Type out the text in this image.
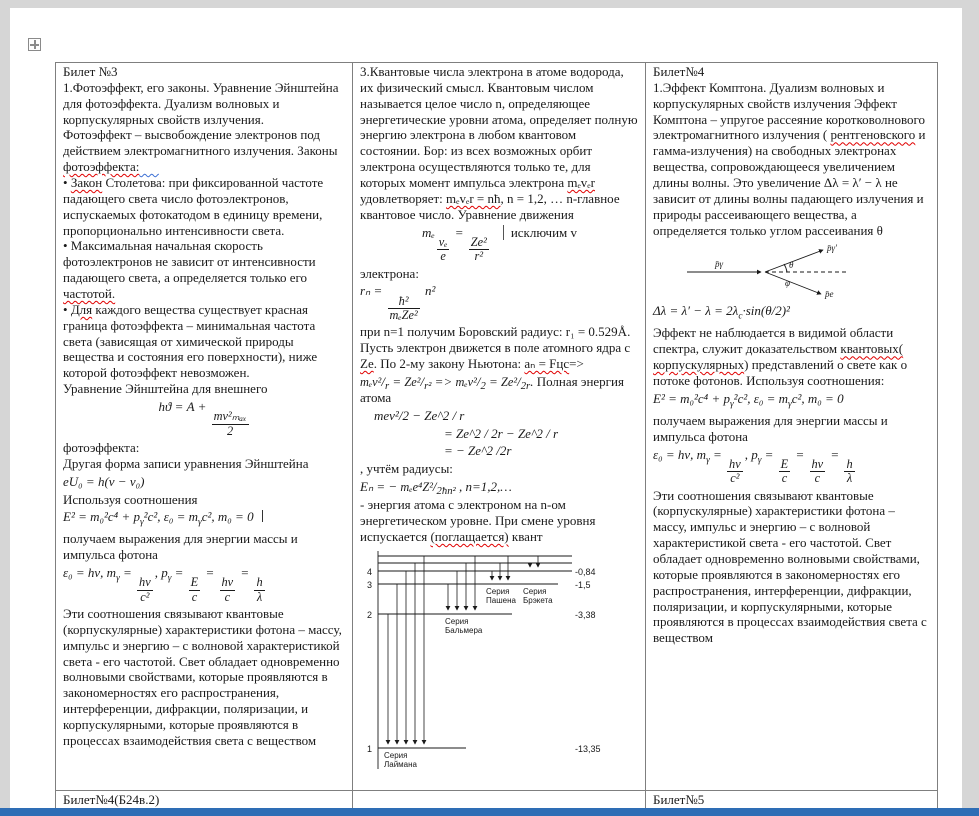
Билет №3

1.Фотоэффект, его законы. Уравнение Эйнштейна для фотоэффекта. Дуализм волновых и корпускулярных свойств излучения.

Фотоэффект – высвобождение электронов под действием электромагнитного излучения. Законы фотоэффекта:

• Закон Столетова: при фиксированной частоте падающего света число фотоэлектронов, испускаемых фотокатодом в единицу времени, пропорционально интенсивности света.

• Максимальная начальная скорость фотоэлектронов не зависит от интенсивности падающего света, а определяется только его частотой.

• Для каждого вещества существует красная граница фотоэффекта – минимальная частота света (зависящая от химической природы вещества и состояния его поверхности), ниже которой фотоэффект невозможен.

Уравнение Эйнштейна для внешнего

hϑ = A +
$\frac{\text{mv²ₘₐₓ}}{2}$

фотоэффекта:

Другая форма записи уравнения Эйнштейна

eU₀ = h(ν − ν₀)

Используя соотношения

$E^2 = m_0^2c^4 + p_\gamma^2c^2$, $\varepsilon_0 = m_\gamma c^2$, m₀ = 0

получаем выражения для энергии массы и импульса фотона

ε₀ = hν, $m_\gamma$ =
$\frac{h\nu}{\text{c²}}$
, $p_\gamma$ =
$\frac{E}{c}$
=
$\frac{h\nu}{c}$
=
$\frac{h}{\lambda}$

Эти соотношения связывают квантовые (корпускулярные) характеристики фотона – массу, импульс и энергию – с волновой характеристикой света - его частотой. Свет обладает одновременно волновыми свойствами, которые проявляются в закономерностях его распространения, интерференции, дифракции, поляризации, и корпускулярными, которые проявляются в процессах взаимодействия света с веществом

3.Квантовые числа электрона в атоме водорода, их физический смысл. Квантовым числом называется целое число n, определяющее энергетические уровни атома, определяет полную энергию электрона в любом квантовом состоянии. Бор: из всех возможных орбит электрона осуществляются только те, для которых момент импульса электрона mₑvₑr удовлетворяет: mₑvₑr = nħ, n = 1,2, … n-главное квантовое число. Уравнение движения

mₑ
$\frac{\text{vₑ}}{e}$
=
$\frac{\text{Ze²}}{\text{r²}}$
исключим v

электрона:

rₙ =
$\frac{\text{ħ²}}{\text{mₑZe²}}$
n²

при n=1 получим Боровский радиус: r₁ = 0.529Å. Пусть электрон движется в поле атомного ядра с Ze. По 2-му закону Ньютона: aₙ = Fцс=>

mₑv²/r = Ze²/r² => mₑv²/2 = Ze²/2r. Полная энергия атома

mev²/2 − Ze^2 / r

= Ze^2 / 2r − Ze^2 / r

= − Ze^2 /2r

, учтём радиусы:

Eₙ = − mₑe⁴Z²/2ħn² , n=1,2,…

- энергия атома с электроном на n-ом энергетическом уровне. При смене уровня испускается (поглащается) квант

4
3
2
1
-0,84
-1,5
-3,38
-13,35
Серия
Лаймана
Серия
Бальмера
Серия
Пашена
Серия
Брэкета

Билет№4

1.Эффект Комптона. Дуализм волновых и корпускулярных свойств излучения Эффект Комптона – упругое рассеяние коротковолнового электромагнитного излучения ( рентгеновского и гамма-излучения) на свободных электронах вещества, сопровождающееся увеличением длины волны. Это увеличение Δλ = λ′ − λ не зависит от длины волны падающего излучения и природы рассеивающего вещества, а определяется только углом рассеивания θ

p̄γ
p̄γ′
p̄e
θ
φ

$\Delta\lambda = \lambda' - \lambda = 2\lambda_c\cdot\sin(\theta/2)^2$

Эффект не наблюдается в видимой области спектра, служит доказательством квантовых( корпускулярных) представлений о свете как о потоке фотонов. Используя соотношения:

$E^2 = m_0^2c^4 + p_\gamma^2c^2$, $\varepsilon_0 = m_\gamma c^2$, m₀ = 0

получаем выражения для энергии массы и импульса фотона

ε₀ = hν, $m_\gamma$ =
$\frac{h\nu}{\text{c²}}$
, $p_\gamma$ =
$\frac{E}{c}$
=
$\frac{h\nu}{c}$
=
$\frac{h}{\lambda}$

Эти соотношения связывают квантовые (корпускулярные) характеристики фотона – массу, импульс и энергию – с волновой характеристикой света - его частотой. Свет обладает одновременно волновыми свойствами, которые проявляются в закономерностях его распространения, интерференции, дифракции, поляризации, и корпускулярными, которые проявляются в процессах взаимодействия света с веществом

Билет№4(Б24в.2)	Билет№5
